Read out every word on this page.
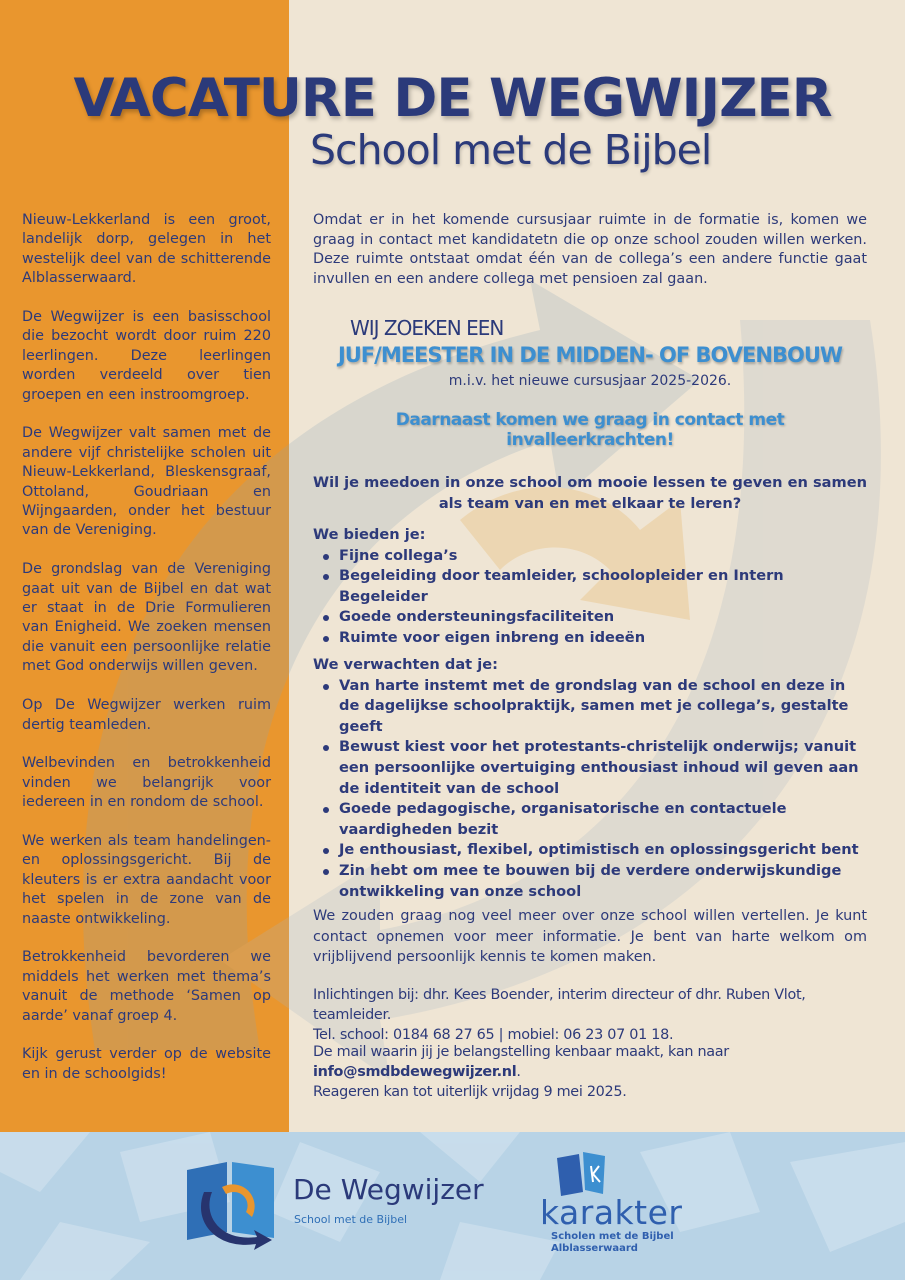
VACATURE DE WEGWIJZER
School met de Bijbel

Nieuw-Lekkerland is een groot, landelijk dorp, gelegen in het westelijk deel van de schitterende Alblasserwaard.

De Wegwijzer is een basisschool die bezocht wordt door ruim 220 leerlingen. Deze leerlingen worden verdeeld over tien groepen en een instroomgroep.

De Wegwijzer valt samen met de andere vijf christelijke scholen uit Nieuw-Lekkerland, Bleskensgraaf, Ottoland, Goudriaan en Wijngaarden, onder het bestuur van de Vereniging.

De grondslag van de Vereniging gaat uit van de Bijbel en dat wat er staat in de Drie Formulieren van Enigheid. We zoeken mensen die vanuit een persoonlijke relatie met God onderwijs willen geven.

Op De Wegwijzer werken ruim dertig teamleden.

Welbevinden en betrokkenheid vinden we belangrijk voor iedereen in en rondom de school.

We werken als team handelingen- en oplossingsgericht. Bij de kleuters is er extra aandacht voor het spelen in de zone van de naaste ontwikkeling.

Betrokkenheid bevorderen we middels het werken met thema’s vanuit de methode ‘Samen op aarde’ vanaf groep 4.

Kijk gerust verder op de website en in de schoolgids!

Omdat er in het komende cursusjaar ruimte in de formatie is, komen we graag in contact met kandidatetn die op onze school zouden willen werken. Deze ruimte ontstaat omdat één van de collega’s een andere functie gaat invullen en een andere collega met pensioen zal gaan.

WIJ ZOEKEN EEN
JUF/MEESTER IN DE MIDDEN- OF BOVENBOUW
m.i.v. het nieuwe cursusjaar 2025-2026.
Daarnaast komen we graag in contact met invalleerkrachten!

Wil je meedoen in onze school om mooie lessen te geven en samen als team van en met elkaar te leren?

We bieden je:
Fijne collega’s
Begeleiding door teamleider, schoolopleider en Intern Begeleider
Goede ondersteuningsfaciliteiten
Ruimte voor eigen inbreng en ideeën
We verwachten dat je:
Van harte instemt met de grondslag van de school en deze in de dagelijkse schoolpraktijk, samen met je collega’s, gestalte geeft
Bewust kiest voor het protestants-christelijk onderwijs; vanuit een persoonlijke overtuiging enthousiast inhoud wil geven aan de identiteit van de school
Goede pedagogische, organisatorische en contactuele vaardigheden bezit
Je enthousiast, flexibel, optimistisch en oplossingsgericht bent
Zin hebt om mee te bouwen bij de verdere onderwijskundige ontwikkeling van onze school

We zouden graag nog veel meer over onze school willen vertellen. Je kunt contact opnemen voor meer informatie. Je bent van harte welkom om vrijblijvend persoonlijk kennis te komen maken.

Inlichtingen bij: dhr. Kees Boender, interim directeur of dhr. Ruben Vlot, teamleider.
Tel. school: 0184 68 27 65 | mobiel: 06 23 07 01 18.
De mail waarin jij je belangstelling kenbaar maakt, kan naar info@smdbdewegwijzer.nl.
Reageren kan tot uiterlijk vrijdag 9 mei 2025.
De Wegwijzer
School met de Bijbel	karakter
Scholen met de Bijbel
Alblasserwaard
